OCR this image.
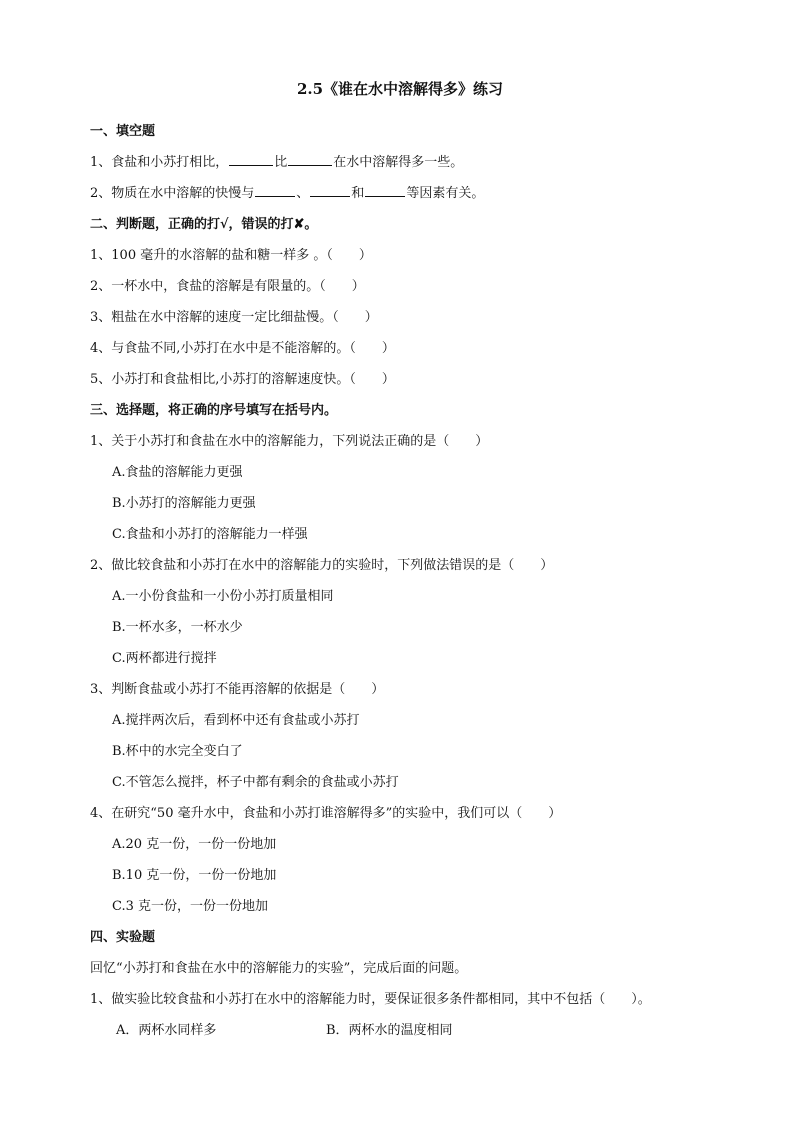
2.5《谁在水中溶解得多》练习
一、填空题
1、食盐和小苏打相比，	比	在水中溶解得多一些。
2、物质在水中溶解的快慢与	、	和	等因素有关。
二、判断题，正确的打√，错误的打✘。
1、100 毫升的水溶解的盐和糖一样多 。（　　）
2、一杯水中，食盐的溶解是有限量的。（　　）
3、粗盐在水中溶解的速度一定比细盐慢。（　　）
4、与食盐不同,小苏打在水中是不能溶解的。（　　）
5、小苏打和食盐相比,小苏打的溶解速度快。（　　）
三、选择题，将正确的序号填写在括号内。
1、关于小苏打和食盐在水中的溶解能力，下列说法正确的是（　　）
A.食盐的溶解能力更强
B.小苏打的溶解能力更强
C.食盐和小苏打的溶解能力一样强
2、做比较食盐和小苏打在水中的溶解能力的实验时，下列做法错误的是（　　）
A.一小份食盐和一小份小苏打质量相同
B.一杯水多，一杯水少
C.两杯都进行搅拌
3、判断食盐或小苏打不能再溶解的依据是（　　）
A.搅拌两次后，看到杯中还有食盐或小苏打
B.杯中的水完全变白了
C.不管怎么搅拌，杯子中都有剩余的食盐或小苏打
4、在研究“50 毫升水中，食盐和小苏打谁溶解得多”的实验中，我们可以（　　）
A.20 克一份，一份一份地加
B.10 克一份，一份一份地加
C.3 克一份，一份一份地加
四、实验题
回忆“小苏打和食盐在水中的溶解能力的实验”，完成后面的问题。
1、做实验比较食盐和小苏打在水中的溶解能力时，要保证很多条件都相同，其中不包括（　　）。
A．两杯水同样多	B．两杯水的温度相同
